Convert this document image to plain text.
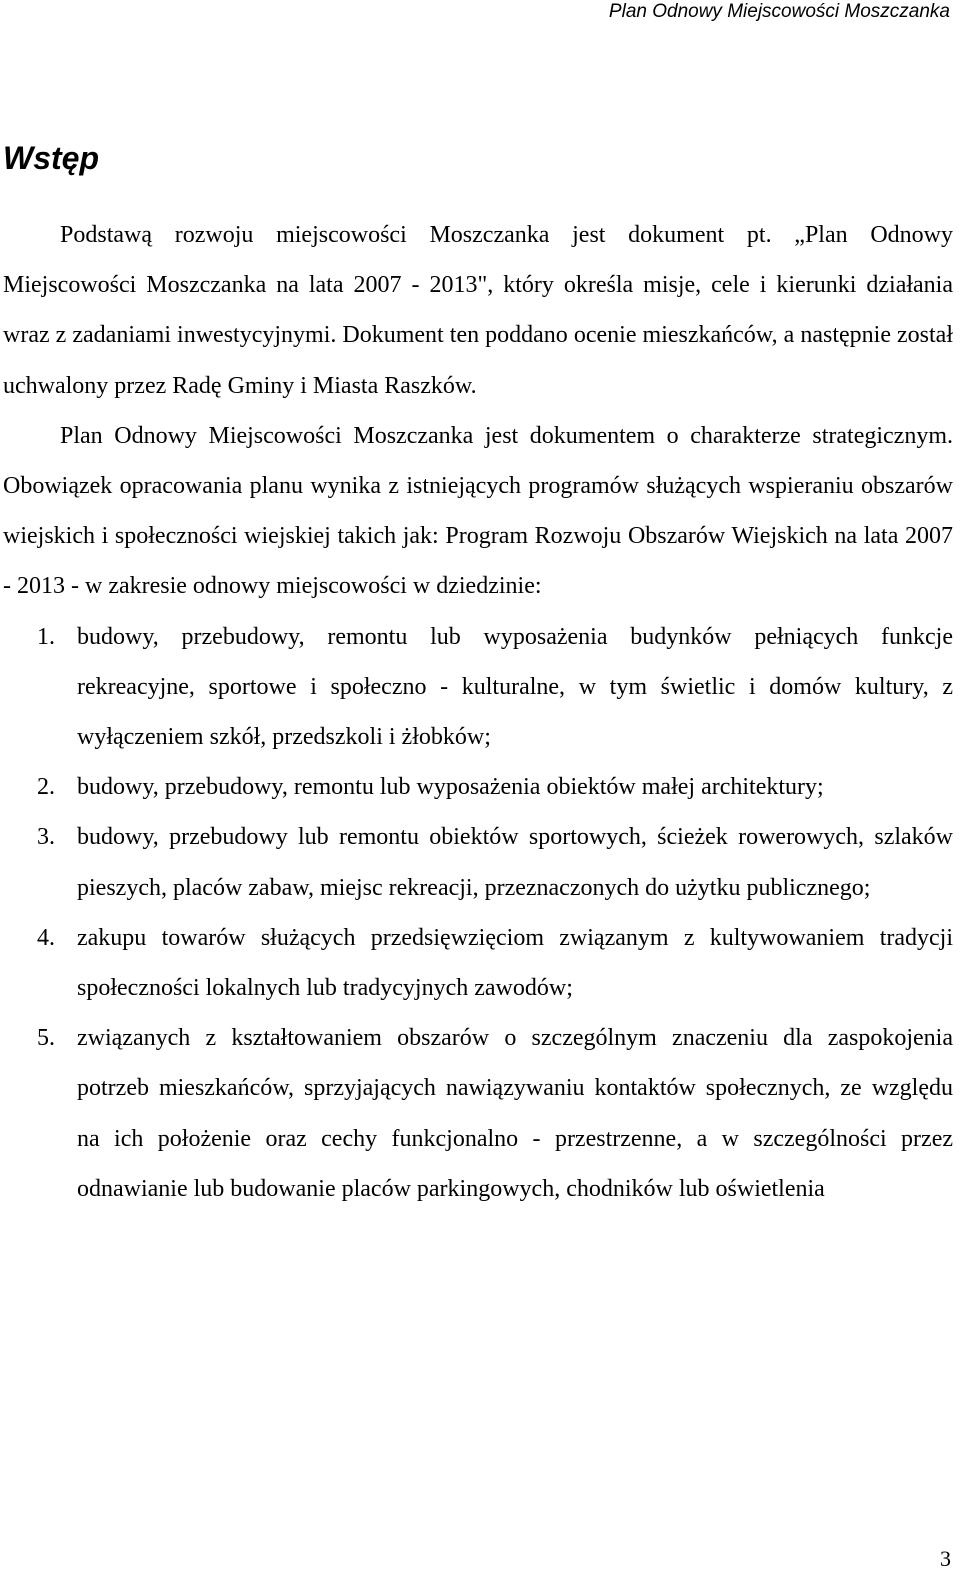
Plan Odnowy Miejscowości Moszczanka
Wstęp

Podstawą rozwoju miejscowości Moszczanka jest dokument pt. „Plan Odnowy Miejscowości Moszczanka na lata 2007 - 2013", który określa misje, cele i kierunki działania wraz z zadaniami inwestycyjnymi. Dokument ten poddano ocenie mieszkańców, a następnie został uchwalony przez Radę Gminy i Miasta Raszków.

Plan Odnowy Miejscowości Moszczanka jest dokumentem o charakterze strategicznym. Obowiązek opracowania planu wynika z istniejących programów służących wspieraniu obszarów wiejskich i społeczności wiejskiej takich jak: Program Rozwoju Obszarów Wiejskich na lata 2007 - 2013 - w zakresie odnowy miejscowości w dziedzinie:

1. budowy, przebudowy, remontu lub wyposażenia budynków pełniących funkcje rekreacyjne, sportowe i społeczno - kulturalne, w tym świetlic i domów kultury, z wyłączeniem szkół, przedszkoli i żłobków;
2. budowy, przebudowy, remontu lub wyposażenia obiektów małej architektury;
3. budowy, przebudowy lub remontu obiektów sportowych, ścieżek rowerowych, szlaków pieszych, placów zabaw, miejsc rekreacji, przeznaczonych do użytku publicznego;
4. zakupu towarów służących przedsięwzięciom związanym z kultywowaniem tradycji społeczności lokalnych lub tradycyjnych zawodów;
5. związanych z kształtowaniem obszarów o szczególnym znaczeniu dla zaspokojenia potrzeb mieszkańców, sprzyjających nawiązywaniu kontaktów społecznych, ze względu na ich położenie oraz cechy funkcjonalno - przestrzenne, a w szczególności przez odnawianie lub budowanie placów parkingowych, chodników lub oświetlenia
3
